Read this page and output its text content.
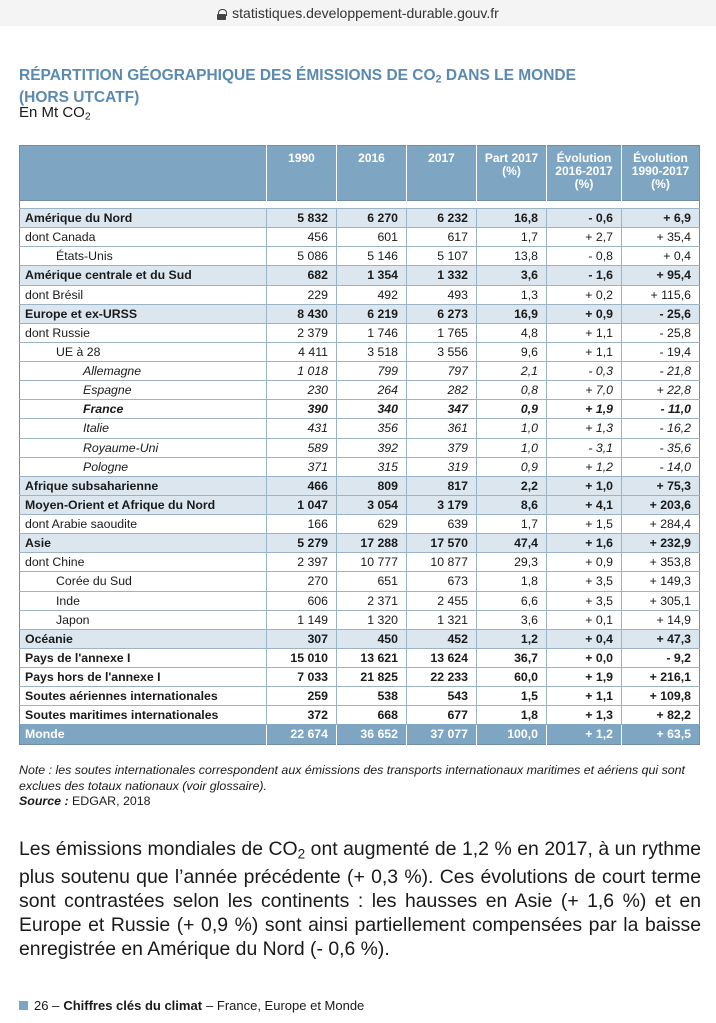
statistiques.developpement-durable.gouv.fr
RÉPARTITION GÉOGRAPHIQUE DES ÉMISSIONS DE $CO_2$ DANS LE MONDE
(HORS UTCATF)
En Mt $CO_2$
	1990	2016	2017	Part 2017 (%)	Évolution 2016-2017 (%)	Évolution 1990-2017 (%)

Amérique du Nord	5 832	6 270	6 232	16,8	- 0,6	+ 6,9
dont Canada	456	601	617	1,7	+ 2,7	+ 35,4
États-Unis	5 086	5 146	5 107	13,8	- 0,8	+ 0,4
Amérique centrale et du Sud	682	1 354	1 332	3,6	- 1,6	+ 95,4
dont Brésil	229	492	493	1,3	+ 0,2	+ 115,6
Europe et ex-URSS	8 430	6 219	6 273	16,9	+ 0,9	- 25,6
dont Russie	2 379	1 746	1 765	4,8	+ 1,1	- 25,8
UE à 28	4 411	3 518	3 556	9,6	+ 1,1	- 19,4
Allemagne	1 018	799	797	2,1	- 0,3	- 21,8
Espagne	230	264	282	0,8	+ 7,0	+ 22,8
France	390	340	347	0,9	+ 1,9	- 11,0
Italie	431	356	361	1,0	+ 1,3	- 16,2
Royaume-Uni	589	392	379	1,0	- 3,1	- 35,6
Pologne	371	315	319	0,9	+ 1,2	- 14,0
Afrique subsaharienne	466	809	817	2,2	+ 1,0	+ 75,3
Moyen-Orient et Afrique du Nord	1 047	3 054	3 179	8,6	+ 4,1	+ 203,6
dont Arabie saoudite	166	629	639	1,7	+ 1,5	+ 284,4
Asie	5 279	17 288	17 570	47,4	+ 1,6	+ 232,9
dont Chine	2 397	10 777	10 877	29,3	+ 0,9	+ 353,8
Corée du Sud	270	651	673	1,8	+ 3,5	+ 149,3
Inde	606	2 371	2 455	6,6	+ 3,5	+ 305,1
Japon	1 149	1 320	1 321	3,6	+ 0,1	+ 14,9
Océanie	307	450	452	1,2	+ 0,4	+ 47,3
Pays de l'annexe I	15 010	13 621	13 624	36,7	+ 0,0	- 9,2
Pays hors de l'annexe I	7 033	21 825	22 233	60,0	+ 1,9	+ 216,1
Soutes aériennes internationales	259	538	543	1,5	+ 1,1	+ 109,8
Soutes maritimes internationales	372	668	677	1,8	+ 1,3	+ 82,2
Monde	22 674	36 652	37 077	100,0	+ 1,2	+ 63,5
Note : les soutes internationales correspondent aux émissions des transports internationaux maritimes et aériens qui sont exclues des totaux nationaux (voir glossaire).
Source : EDGAR, 2018
Les émissions mondiales de $CO_2$ ont augmenté de 1,2 % en 2017, à un rythme plus soutenu que l’année précédente (+ 0,3 %). Ces évolutions de court terme sont contrastées selon les continents : les hausses en Asie (+ 1,6 %) et en Europe et Russie (+ 0,9 %) sont ainsi partiellement compensées par la baisse enregistrée en Amérique du Nord (- 0,6 %).
26 – Chiffres clés du climat – France, Europe et Monde
